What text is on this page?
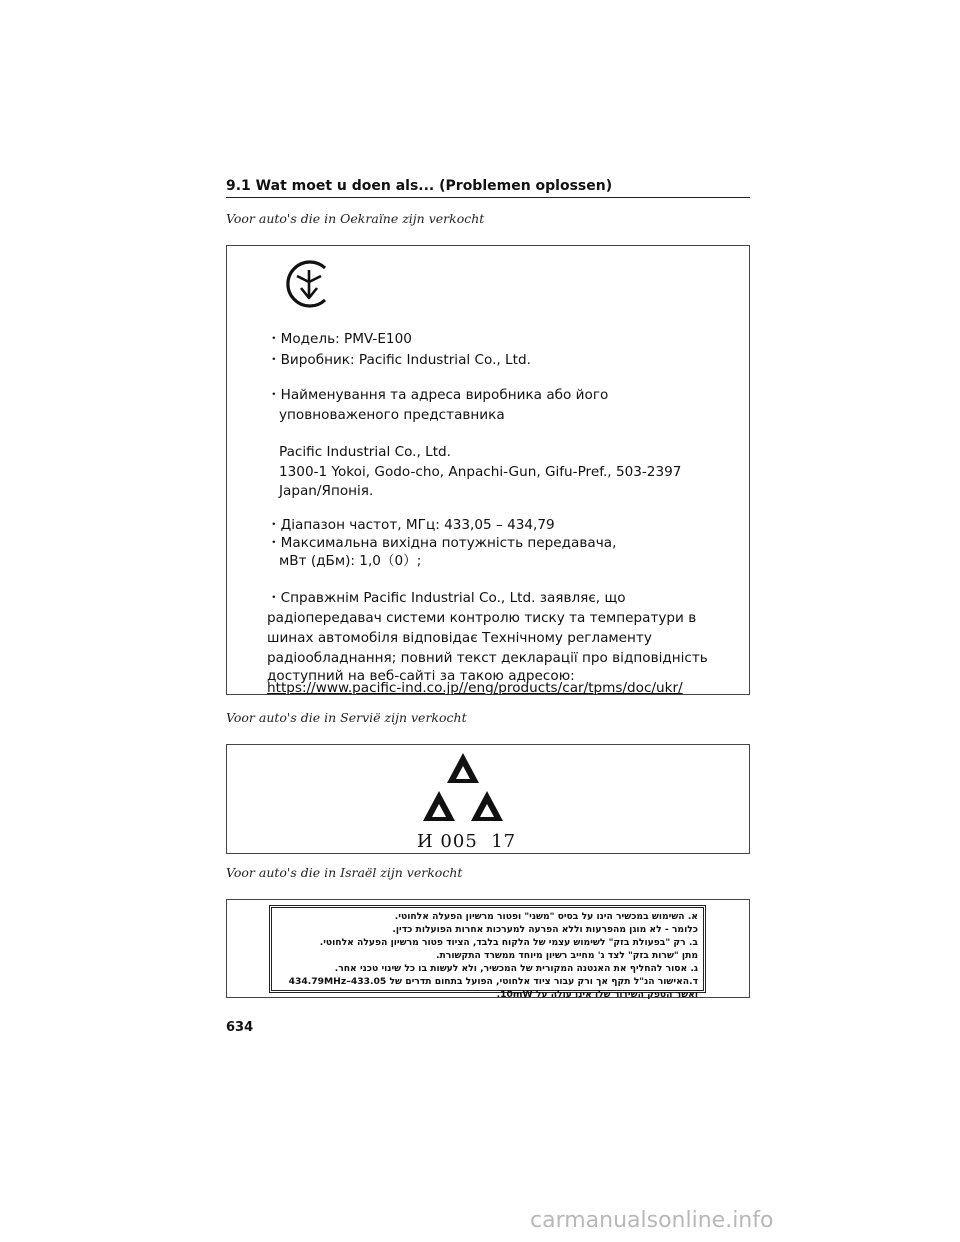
9.1 Wat moet u doen als... (Problemen oplossen)
Voor auto's die in Oekraïne zijn verkocht
・Модель: PMV-E100
・Виробник: Pacific Industrial Co., Ltd.
・Найменування та адреса виробника або його
уповноваженого представника
Pacific Industrial Co., Ltd.
1300-1 Yokoi, Godo-cho, Anpachi-Gun, Gifu-Pref., 503-2397
Japan/Японія.
・Діапазон частот, МГц: 433,05 – 434,79
・Максимальна вихідна потужність передавача,
мВт (дБм): 1,0（0）;
・Справжнім Pacific Industrial Co., Ltd. заявляє, що
радіопередавач системи контролю тиску та температури в
шинах автомобіля відповідає Технічному регламенту
радіообладнання; повний текст декларації про відповідність
доступний на веб-сайті за такою адресою:
https://www.pacific-ind.co.jp//eng/products/car/tpms/doc/ukr/
Voor auto's die in Servië zijn verkocht
И 005  17
Voor auto's die in Israël zijn verkocht
א. השימוש במכשיר הינו על בסיס "משני" ופטור מרשיון הפעלה אלחוטי.
כלומר - לא מוגן מהפרעות וללא הפרעה למערכות אחרות הפועלות כדין.
ב. רק "בפעולת בזק" לשימוש עצמי של הלקוח בלבד, הציוד פטור מרשיון הפעלה אלחוטי.
מתן "שרות בזק" לצד ג' מחייב רשיון מיוחד ממשרד התקשורת.
ג. אסור להחליף את האנטנה המקורית של המכשיר, ולא לעשות בו כל שינוי טכני אחר.
ד.האישור הנ"ל תקף אך ורק עבור ציוד אלחוטי, הפועל בתחום תדרים של 433.05–434.79MHz
ואשר הספק השידור שלו אינו עולה על 10mW.
634
carmanualsonline.info
